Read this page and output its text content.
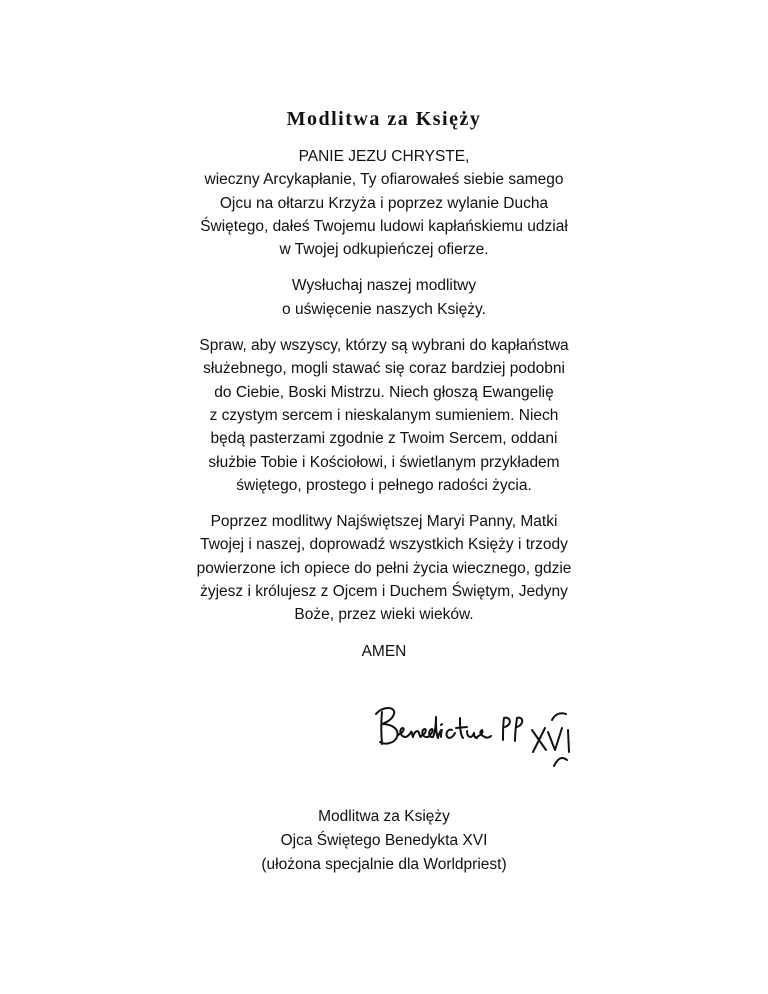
Modlitwa za Księży

PANIE JEZU CHRYSTE,
wieczny Arcykapłanie, Ty ofiarowałeś siebie samego
Ojcu na ołtarzu Krzyża i poprzez wylanie Ducha
Świętego, dałeś Twojemu ludowi kapłańskiemu udział
w Twojej odkupieńczej ofierze.

Wysłuchaj naszej modlitwy
o uświęcenie naszych Księży.

Spraw, aby wszyscy, którzy są wybrani do kapłaństwa
służebnego, mogli stawać się coraz bardziej podobni
do Ciebie, Boski Mistrzu. Niech głoszą Ewangelię
z czystym sercem i nieskalanym sumieniem. Niech
będą pasterzami zgodnie z Twoim Sercem, oddani
służbie Tobie i Kościołowi, i świetlanym przykładem
świętego, prostego i pełnego radości życia.

Poprzez modlitwy Najświętszej Maryi Panny, Matki
Twojej i naszej, doprowadź wszystkich Księży i trzody
powierzone ich opiece do pełni życia wiecznego, gdzie
żyjesz i królujesz z Ojcem i Duchem Świętym, Jedyny
Boże, przez wieki wieków.

AMEN

Modlitwa za Księży
Ojca Świętego Benedykta XVI
(ułożona specjalnie dla Worldpriest)
